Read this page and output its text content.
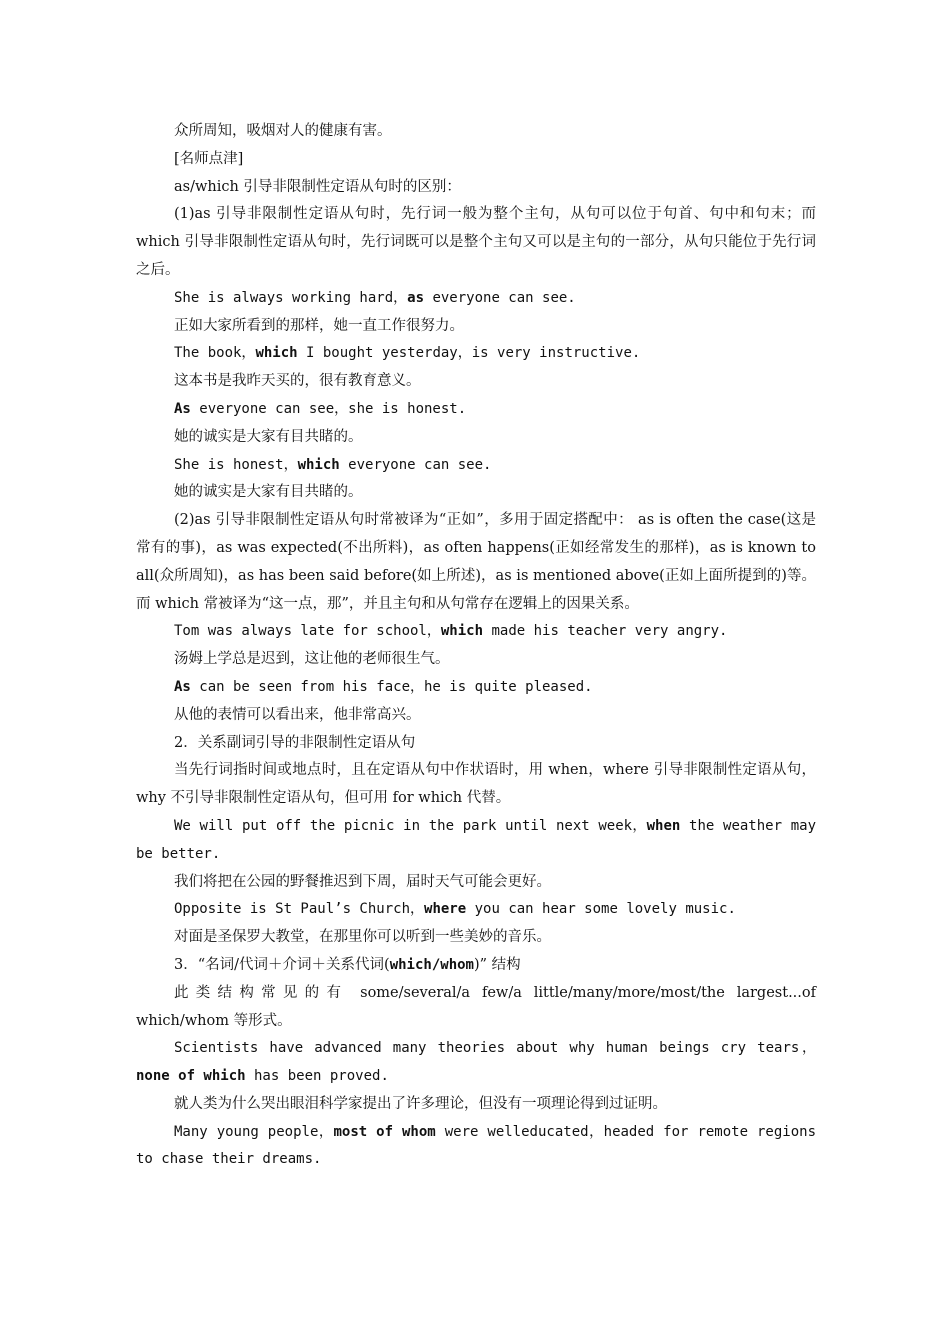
众所周知，吸烟对人的健康有害。

[名师点津]

as/which 引导非限制性定语从句时的区别：

(1)as 引导非限制性定语从句时，先行词一般为整个主句，从句可以位于句首、句中和句末；而 which 引导非限制性定语从句时，先行词既可以是整个主句又可以是主句的一部分，从句只能位于先行词之后。

She is always working hard，as everyone can see.

正如大家所看到的那样，她一直工作很努力。

The book，which I bought yesterday，is very instructive.

这本书是我昨天买的，很有教育意义。

As everyone can see，she is honest.

她的诚实是大家有目共睹的。

She is honest，which everyone can see.

她的诚实是大家有目共睹的。

(2)as 引导非限制性定语从句时常被译为“正如”，多用于固定搭配中： as is often the case(这是常有的事)，as was expected(不出所料)，as often happens(正如经常发生的那样)，as is known to all(众所周知)，as has been said before(如上所述)，as is mentioned above(正如上面所提到的)等。而 which 常被译为“这一点，那”，并且主句和从句常存在逻辑上的因果关系。

Tom was always late for school，which made his teacher very angry.

汤姆上学总是迟到，这让他的老师很生气。

As can be seen from his face，he is quite pleased.

从他的表情可以看出来，他非常高兴。

2．关系副词引导的非限制性定语从句

当先行词指时间或地点时，且在定语从句中作状语时，用 when，where 引导非限制性定语从句，why 不引导非限制性定语从句，但可用 for which 代替。

We will put off the picnic in the park until next week，when the weather may be better.

我们将把在公园的野餐推迟到下周，届时天气可能会更好。

Opposite is St Paul’s Church，where you can hear some lovely music.

对面是圣保罗大教堂，在那里你可以听到一些美妙的音乐。

3．“名词/代词＋介词＋关系代词(which/whom)” 结构

此类结构常见的有 some/several/a few/a little/many/more/most/the largest...of which/whom 等形式。

Scientists have advanced many theories about why human beings cry tears，none of which has been proved.

就人类为什么哭出眼泪科学家提出了许多理论，但没有一项理论得到过证明。

Many young people，most of whom were welleducated，headed for remote regions to chase their dreams.
